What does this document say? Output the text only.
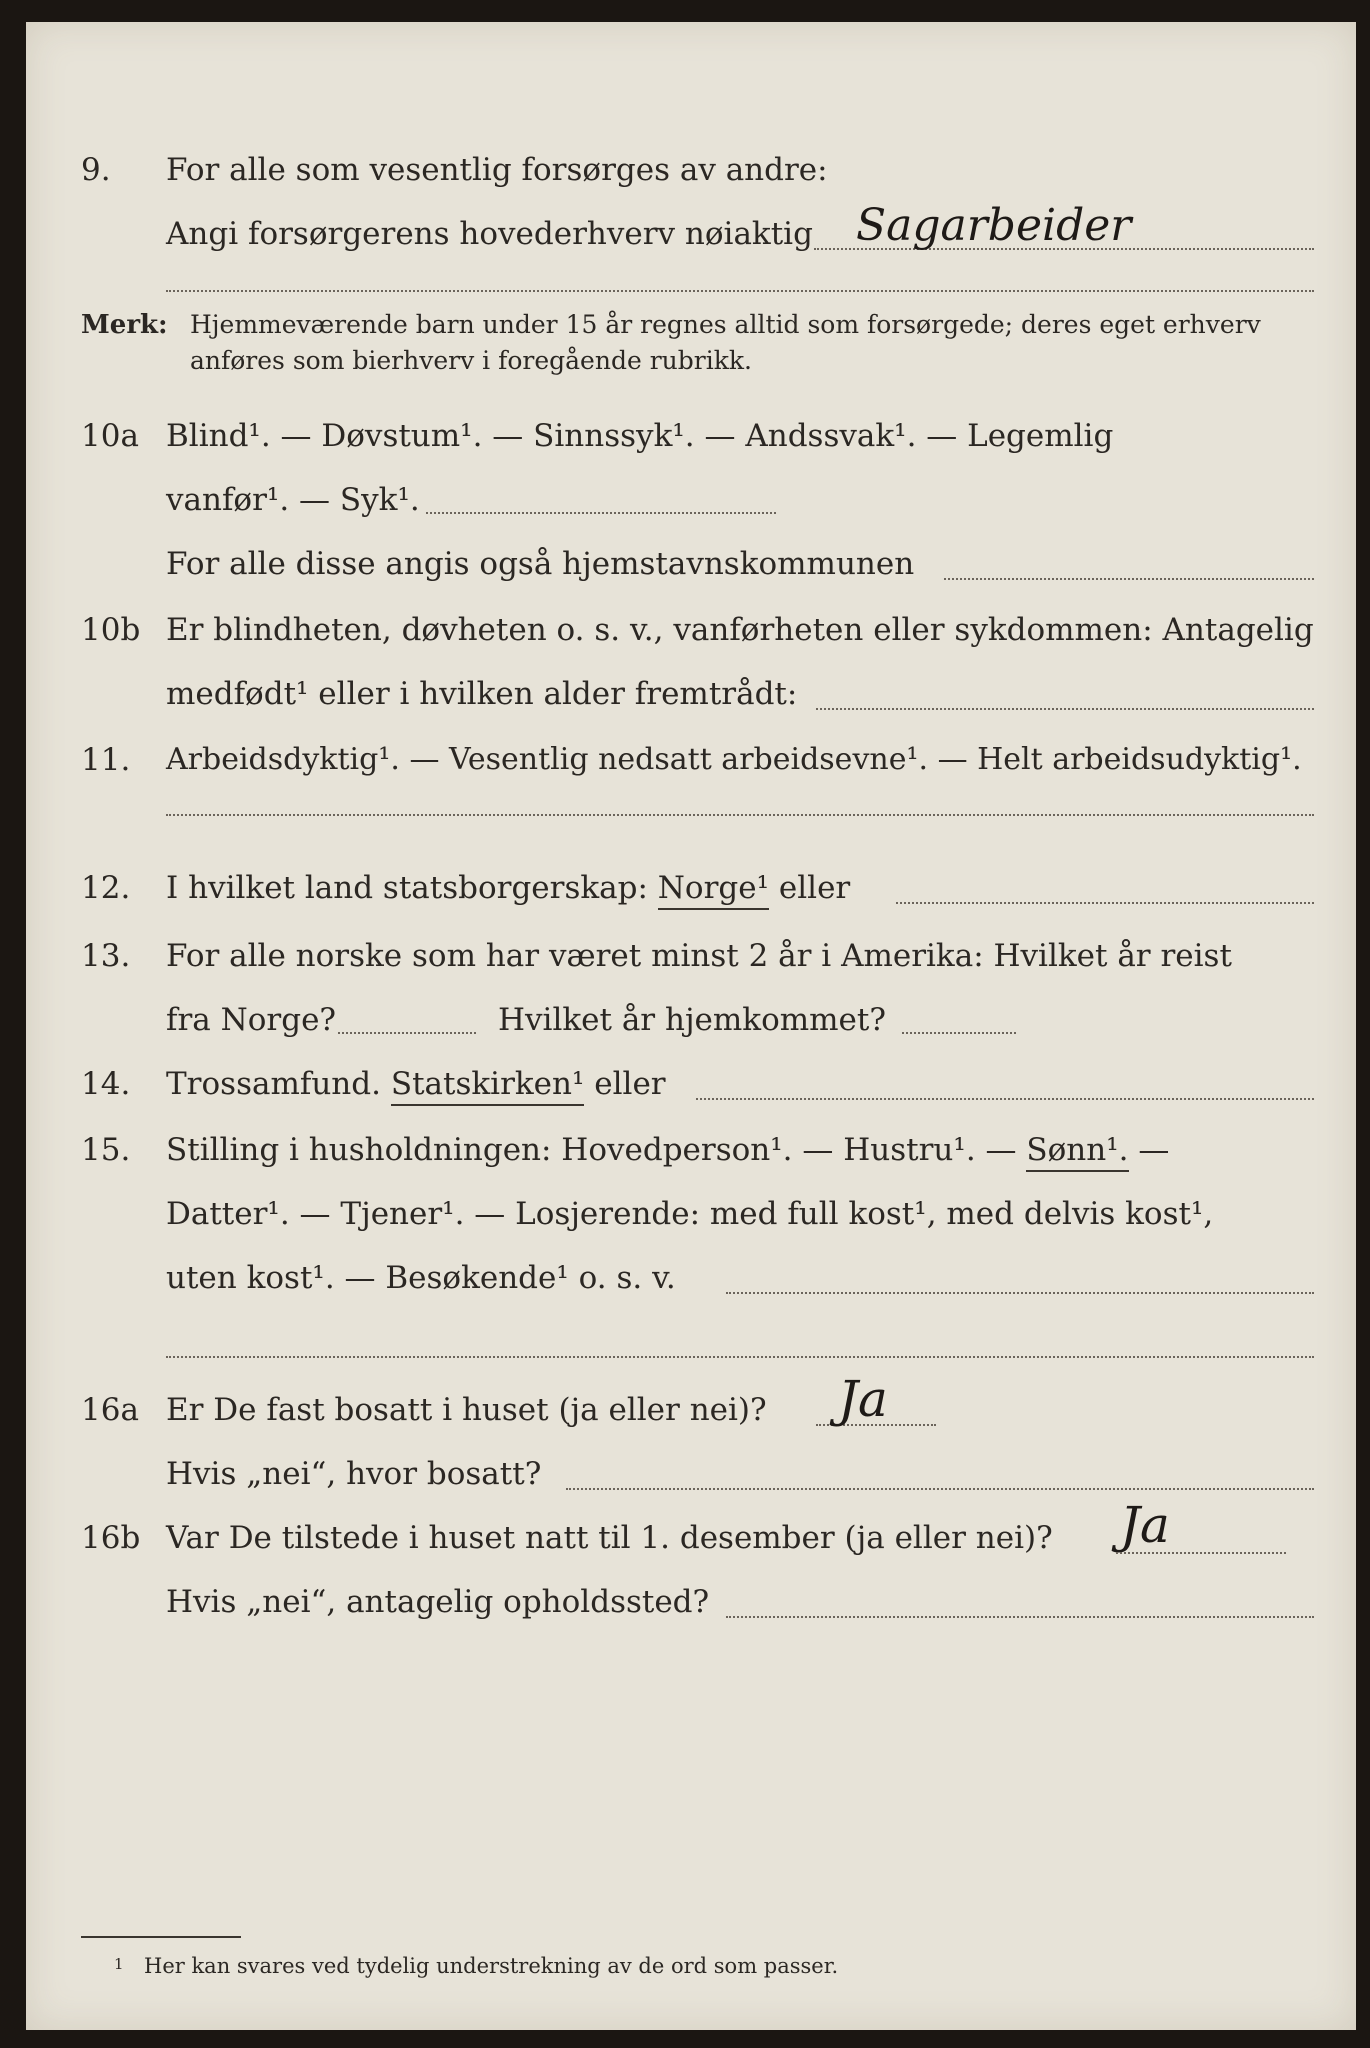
9. For alle som vesentlig forsørges av andre:
Angi forsørgerens hovederhverv nøiaktig Sagarbeider
Merk: Hjemmeværende barn under 15 år regnes alltid som forsørgede; deres eget erhverv
anføres som bierhverv i foregående rubrikk.
10a Blind¹. — Døvstum¹. — Sinnssyk¹. — Andssvak¹. — Legemlig
vanfør¹. — Syk¹.
For alle disse angis også hjemstavnskommunen
10b Er blindheten, døvheten o. s. v., vanførheten eller sykdommen: Antagelig
medfødt¹ eller i hvilken alder fremtrådt:
11. Arbeidsdyktig¹. — Vesentlig nedsatt arbeidsevne¹. — Helt arbeidsudyktig¹.
12. I hvilket land statsborgerskap: Norge¹ eller
13. For alle norske som har været minst 2 år i Amerika: Hvilket år reist
fra Norge?	Hvilket år hjemkommet?
14. Trossamfund. Statskirken¹ eller
15. Stilling i husholdningen: Hovedperson¹. — Hustru¹. — Sønn¹. —
Datter¹. — Tjener¹. — Losjerende: med full kost¹, med delvis kost¹,
uten kost¹. — Besøkende¹ o. s. v.
16a Er De fast bosatt i huset (ja eller nei)? Ja
Hvis „nei“, hvor bosatt?
16b Var De tilstede i huset natt til 1. desember (ja eller nei)? Ja
Hvis „nei“, antagelig opholdssted?
1 Her kan svares ved tydelig understrekning av de ord som passer.
